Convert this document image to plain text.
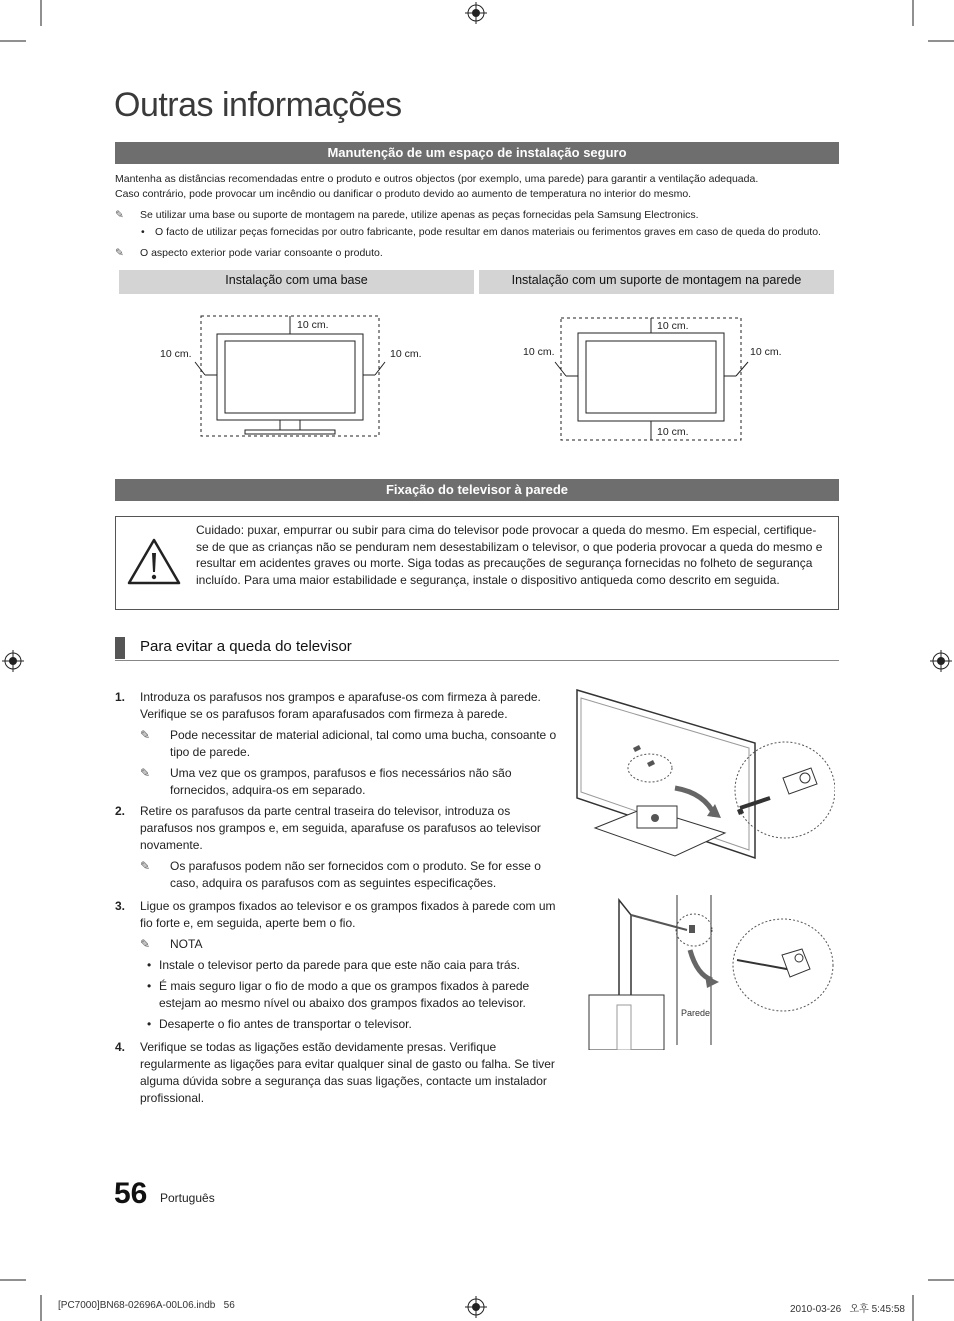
Outras informações
Manutenção de um espaço de instalação seguro
Mantenha as distâncias recomendadas entre o produto e outros objectos (por exemplo, uma parede) para garantir a ventilação adequada.
Caso contrário, pode provocar um incêndio ou danificar o produto devido ao aumento de temperatura no interior do mesmo.
✎ Se utilizar uma base ou suporte de montagem na parede, utilize apenas as peças fornecidas pela Samsung Electronics.
• O facto de utilizar peças fornecidas por outro fabricante, pode resultar em danos materiais ou ferimentos graves em caso de queda do produto.
✎ O aspecto exterior pode variar consoante o produto.
Instalação com uma base	Instalação com um suporte de montagem na parede
10 cm.
10 cm.	10 cm.
10 cm.
10 cm.	10 cm.
10 cm.
Fixação do televisor à parede
Cuidado: puxar, empurrar ou subir para cima do televisor pode provocar a queda do mesmo. Em especial, certifique-se de que as crianças não se penduram nem desestabilizam o televisor, o que poderia provocar a queda do mesmo e resultar em acidentes graves ou morte. Siga todas as precauções de segurança fornecidas no folheto de segurança incluído. Para uma maior estabilidade e segurança, instale o dispositivo antiqueda como descrito em seguida.
Para evitar a queda do televisor
1. Introduza os parafusos nos grampos e aparafuse-os com firmeza à parede. Verifique se os parafusos foram aparafusados com firmeza à parede.
✎ Pode necessitar de material adicional, tal como uma bucha, consoante o tipo de parede.
✎ Uma vez que os grampos, parafusos e fios necessários não são fornecidos, adquira-os em separado.
2. Retire os parafusos da parte central traseira do televisor, introduza os parafusos nos grampos e, em seguida, aparafuse os parafusos ao televisor novamente.
✎ Os parafusos podem não ser fornecidos com o produto. Se for esse o caso, adquira os parafusos com as seguintes especificações.
3. Ligue os grampos fixados ao televisor e os grampos fixados à parede com um fio forte e, em seguida, aperte bem o fio.
✎ NOTA
• Instale o televisor perto da parede para que este não caia para trás.
• É mais seguro ligar o fio de modo a que os grampos fixados à parede estejam ao mesmo nível ou abaixo dos grampos fixados ao televisor.
• Desaperte o fio antes de transportar o televisor.
4. Verifique se todas as ligações estão devidamente presas. Verifique regularmente as ligações para evitar qualquer sinal de gasto ou falha. Se tiver alguma dúvida sobre a segurança das suas ligações, contacte um instalador profissional.
Parede
56 Português
[PC7000]BN68-02696A-00L06.indb   56	2010-03-26   오후 5:45:58
